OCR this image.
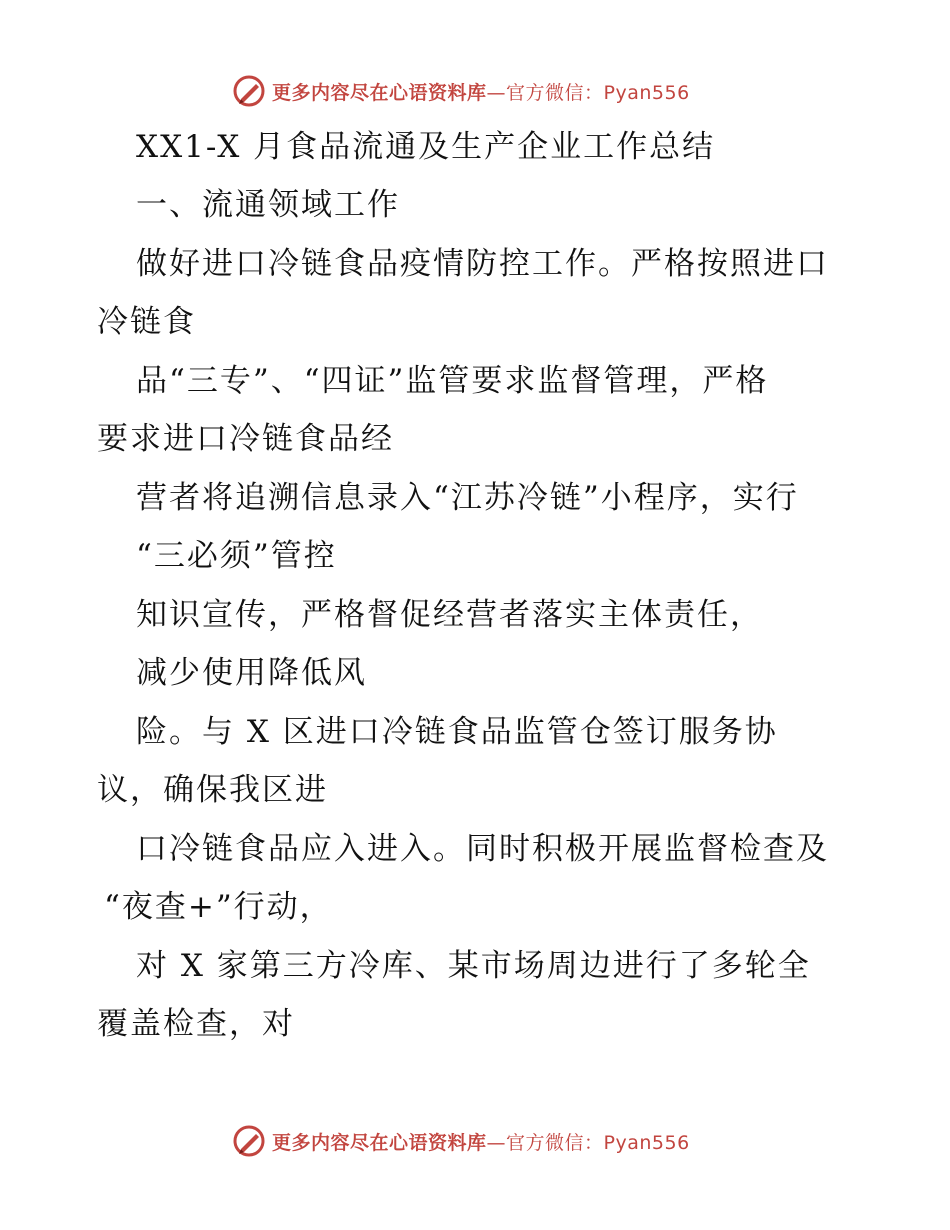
更多内容尽在心语资料库—官方微信：Pyan556
XX1-X 月食品流通及生产企业工作总结
一、流通领域工作
做好进口冷链食品疫情防控工作。严格按照进口
冷链食
品“三专”、“四证”监管要求监督管理，严格
要求进口冷链食品经
营者将追溯信息录入“江苏冷链”小程序，实行
“三必须”管控
知识宣传，严格督促经营者落实主体责任，
减少使用降低风
险。与 X 区进口冷链食品监管仓签订服务协
议，确保我区进
口冷链食品应入进入。同时积极开展监督检查及
“夜查+”行动，
对 X 家第三方冷库、某市场周边进行了多轮全
覆盖检查，对
更多内容尽在心语资料库—官方微信：Pyan556
